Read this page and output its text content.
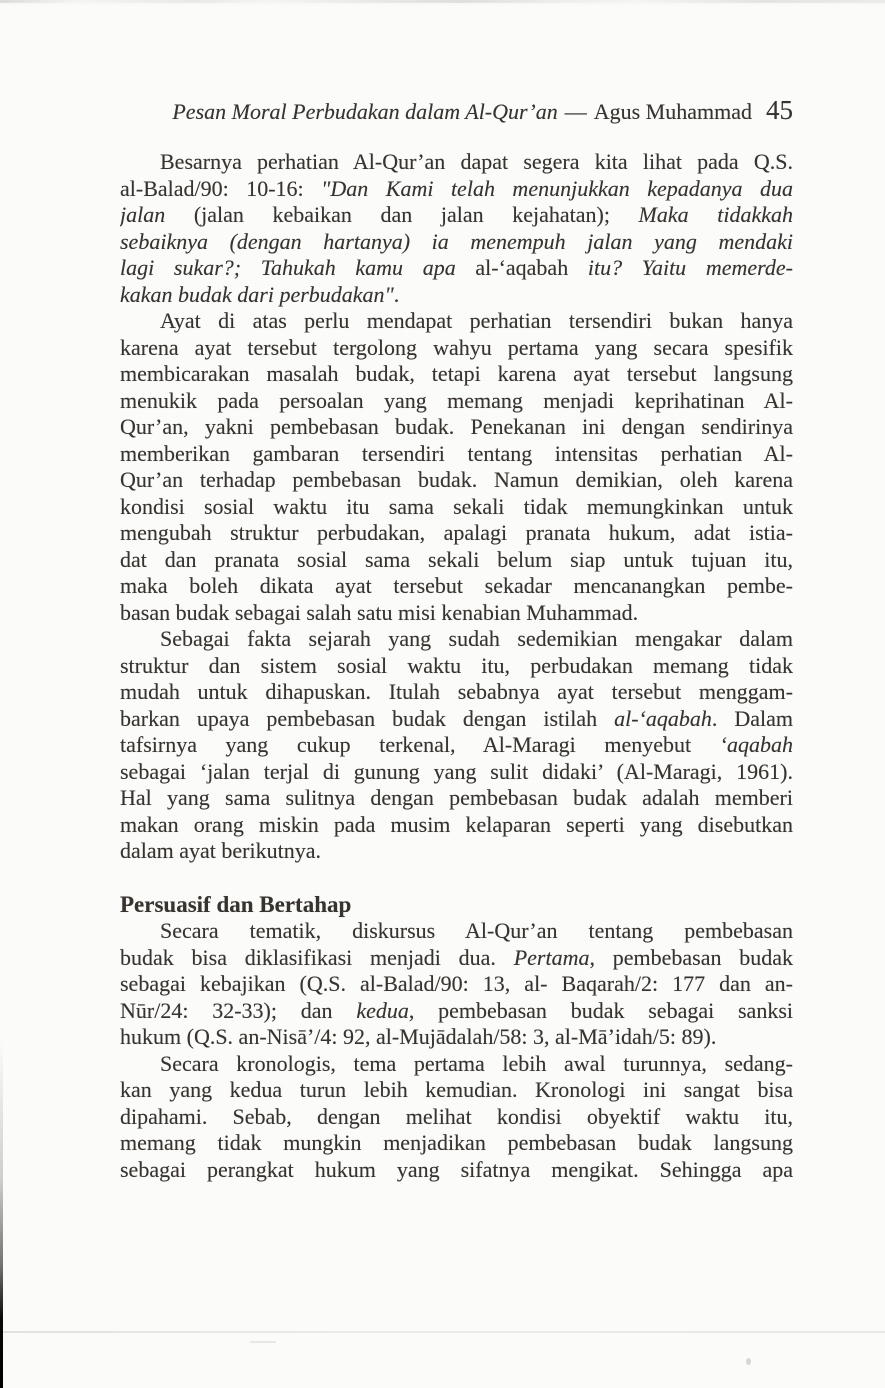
Pesan Moral Perbudakan dalam Al-Qur’an — Agus Muhammad 45
Besarnya perhatian Al-Qur’an dapat segera kita lihat pada Q.S.
al-Balad/90: 10-16: "Dan Kami telah menunjukkan kepadanya dua
jalan (jalan kebaikan dan jalan kejahatan); Maka tidakkah
sebaiknya (dengan hartanya) ia menempuh jalan yang mendaki
lagi sukar?; Tahukah kamu apa al-‘aqabah itu? Yaitu memerde-
kakan budak dari perbudakan".
Ayat di atas perlu mendapat perhatian tersendiri bukan hanya
karena ayat tersebut tergolong wahyu pertama yang secara spesifik
membicarakan masalah budak, tetapi karena ayat tersebut langsung
menukik pada persoalan yang memang menjadi keprihatinan Al-
Qur’an, yakni pembebasan budak. Penekanan ini dengan sendirinya
memberikan gambaran tersendiri tentang intensitas perhatian Al-
Qur’an terhadap pembebasan budak. Namun demikian, oleh karena
kondisi sosial waktu itu sama sekali tidak memungkinkan untuk
mengubah struktur perbudakan, apalagi pranata hukum, adat istia-
dat dan pranata sosial sama sekali belum siap untuk tujuan itu,
maka boleh dikata ayat tersebut sekadar mencanangkan pembe-
basan budak sebagai salah satu misi kenabian Muhammad.
Sebagai fakta sejarah yang sudah sedemikian mengakar dalam
struktur dan sistem sosial waktu itu, perbudakan memang tidak
mudah untuk dihapuskan. Itulah sebabnya ayat tersebut menggam-
barkan upaya pembebasan budak dengan istilah al-‘aqabah. Dalam
tafsirnya yang cukup terkenal, Al-Maragi menyebut ‘aqabah
sebagai ‘jalan terjal di gunung yang sulit didaki’ (Al-Maragi, 1961).
Hal yang sama sulitnya dengan pembebasan budak adalah memberi
makan orang miskin pada musim kelaparan seperti yang disebutkan
dalam ayat berikutnya.
Persuasif dan Bertahap
Secara tematik, diskursus Al-Qur’an tentang pembebasan
budak bisa diklasifikasi menjadi dua. Pertama, pembebasan budak
sebagai kebajikan (Q.S. al-Balad/90: 13, al- Baqarah/2: 177 dan an-
Nūr/24: 32-33); dan kedua, pembebasan budak sebagai sanksi
hukum (Q.S. an-Nisā’/4: 92, al-Mujādalah/58: 3, al-Mā’idah/5: 89).
Secara kronologis, tema pertama lebih awal turunnya, sedang-
kan yang kedua turun lebih kemudian. Kronologi ini sangat bisa
dipahami. Sebab, dengan melihat kondisi obyektif waktu itu,
memang tidak mungkin menjadikan pembebasan budak langsung
sebagai perangkat hukum yang sifatnya mengikat. Sehingga apa
